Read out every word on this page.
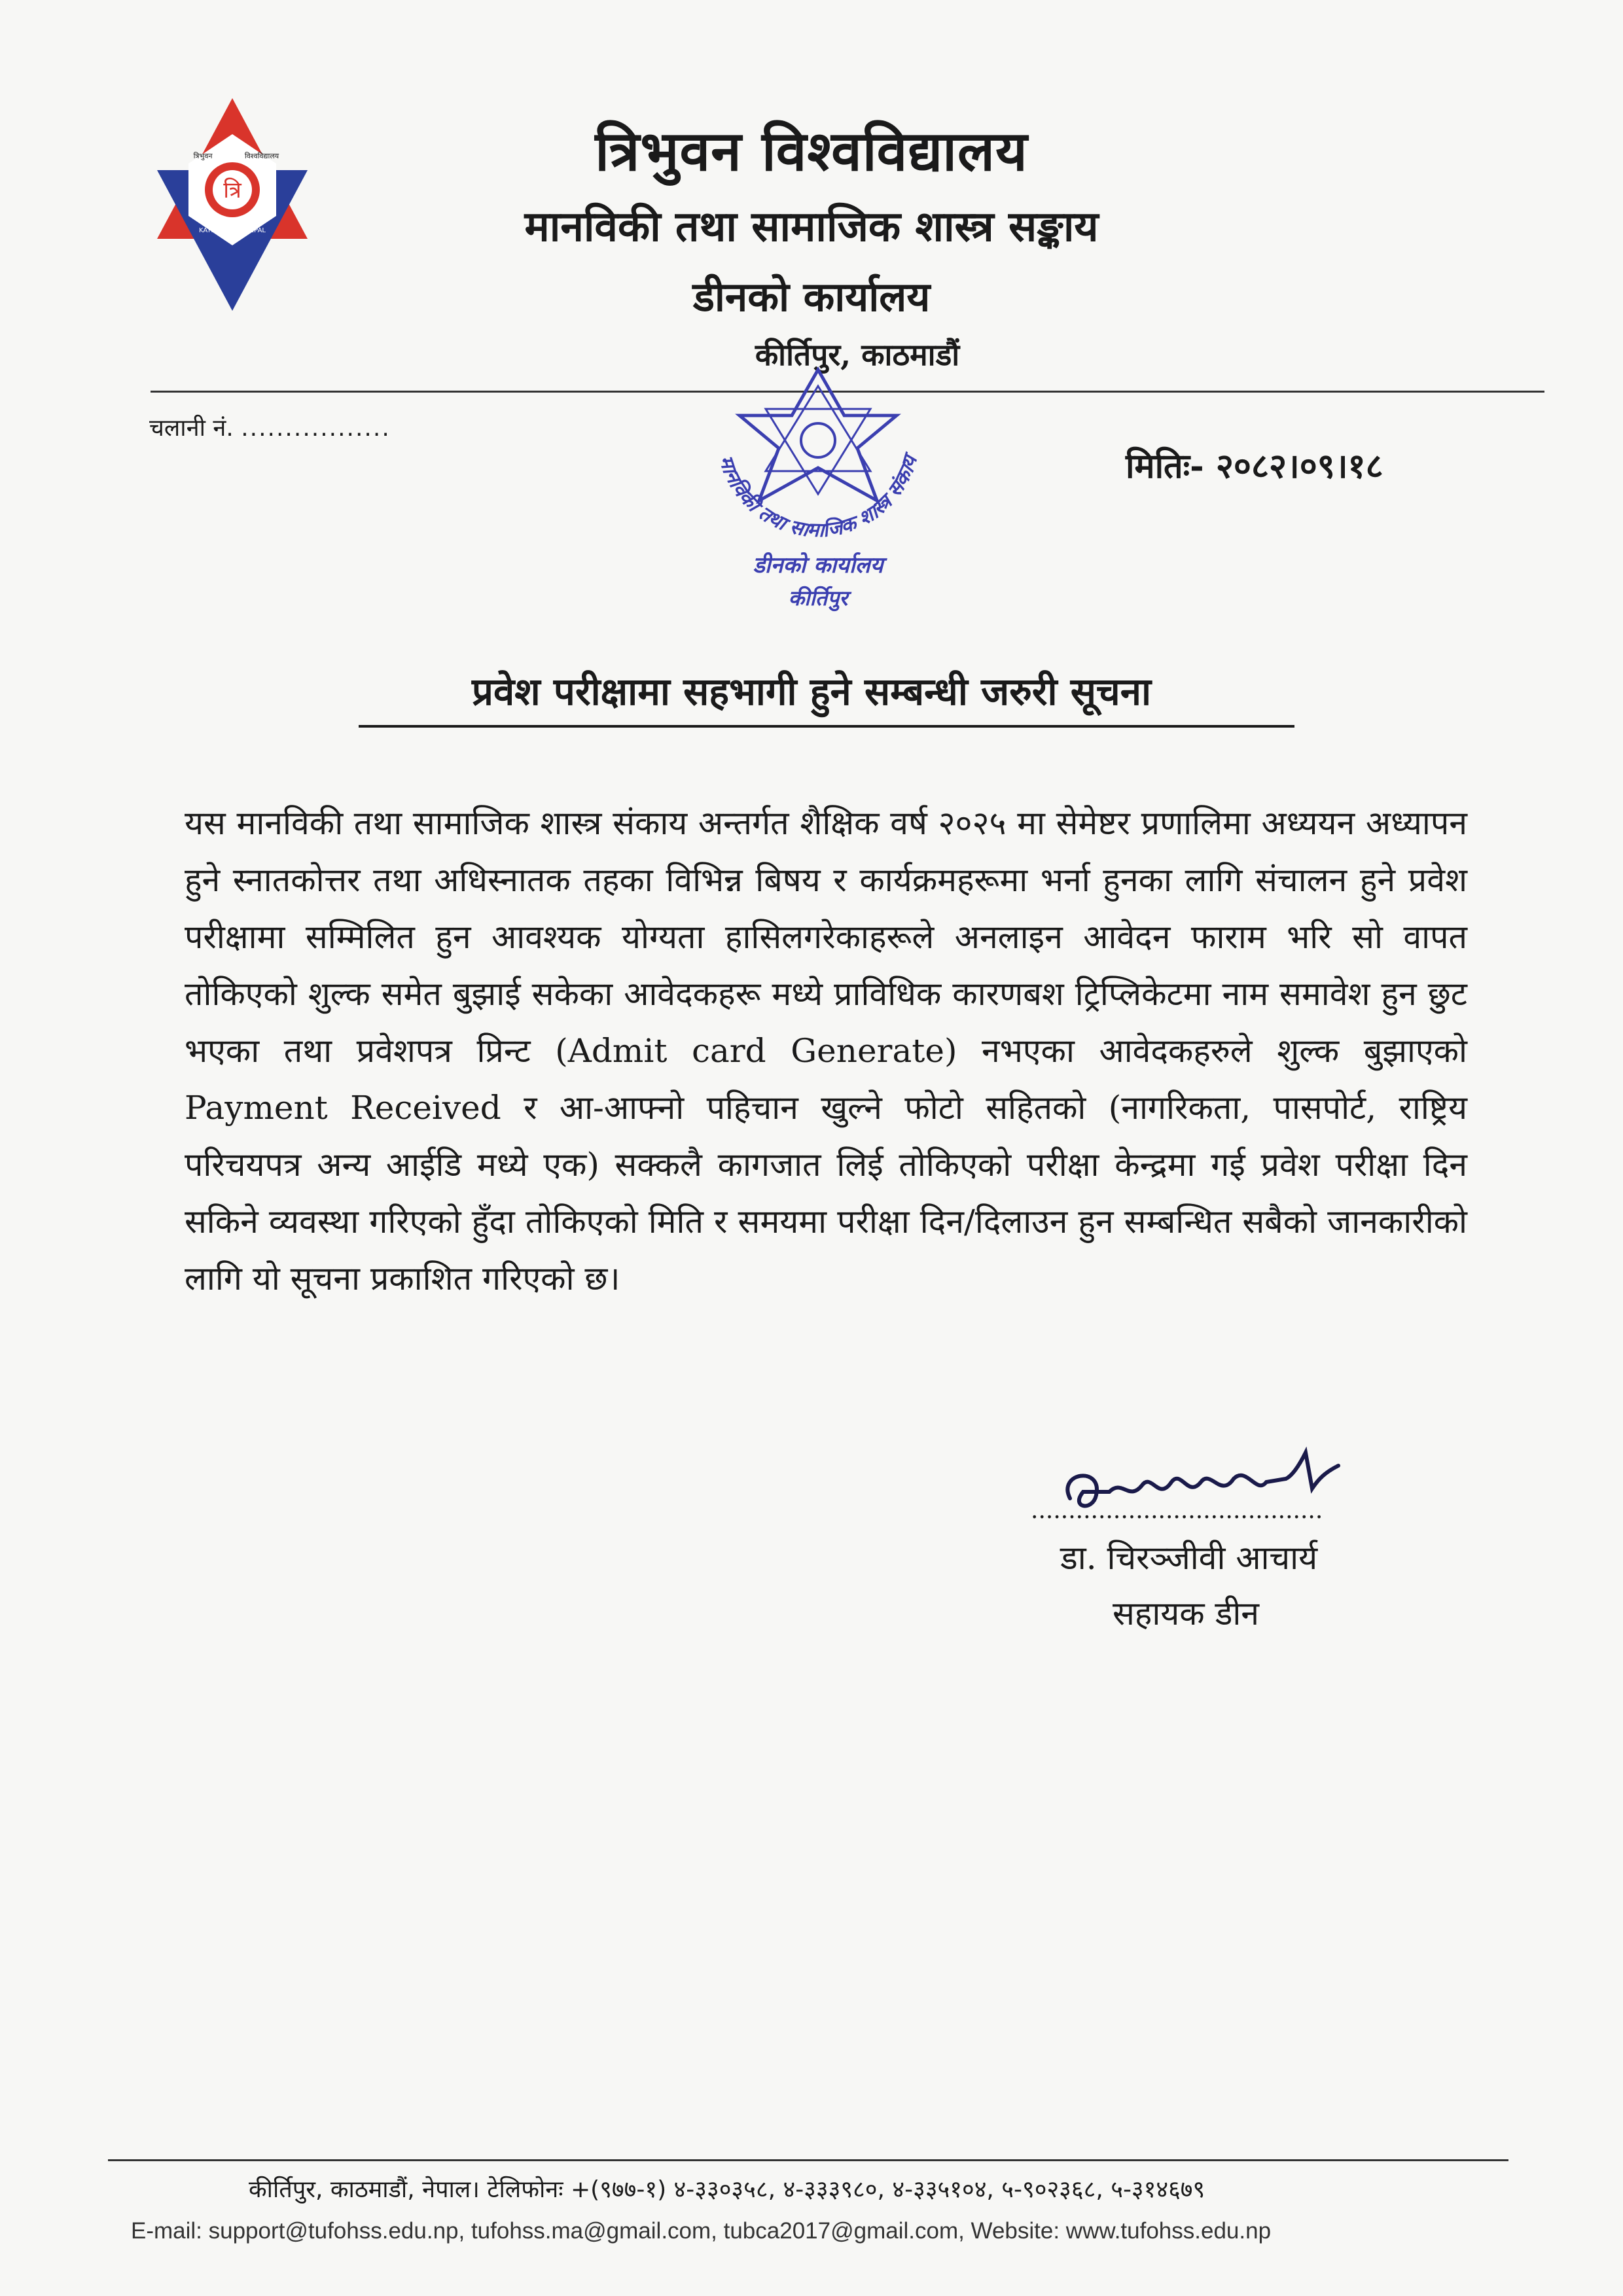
त्रि
त्रिभुवन	विश्वविद्यालय
KATHMANDU, NEPAL
त्रिभुवन विश्वविद्यालय
मानविकी तथा सामाजिक शास्त्र सङ्काय
डीनको कार्यालय
कीर्तिपुर, काठमाडौं
चलानी नं. .................
मितिः- २०८२।०९।१८
मानविकी तथा सामाजिक शास्त्र संकाय
डीनको कार्यालय
कीर्तिपुर
प्रवेश परीक्षामा सहभागी हुने सम्बन्धी जरुरी सूचना
यस मानविकी तथा सामाजिक शास्त्र संकाय अन्तर्गत शैक्षिक वर्ष २०२५ मा सेमेष्टर प्रणालिमा अध्ययन अध्यापन हुने स्नातकोत्तर तथा अधिस्नातक तहका विभिन्न बिषय र कार्यक्रमहरूमा भर्ना हुनका लागि संचालन हुने प्रवेश परीक्षामा सम्मिलित हुन आवश्यक योग्यता हासिलगरेकाहरूले अनलाइन आवेदन फाराम भरि सो वापत तोकिएको शुल्क समेत बुझाई सकेका आवेदकहरू मध्ये प्राविधिक कारणबश ट्रिप्लिकेटमा नाम समावेश हुन छुट भएका तथा प्रवेशपत्र प्रिन्ट (Admit card Generate) नभएका आवेदकहरुले शुल्क बुझाएको Payment Received र आ-आफ्नो पहिचान खुल्ने फोटो सहितको (नागरिकता, पासपोर्ट, राष्ट्रिय परिचयपत्र अन्य आईडि मध्ये एक) सक्कलै कागजात लिई तोकिएको परीक्षा केन्द्रमा गई प्रवेश परीक्षा दिन सकिने व्यवस्था गरिएको हुँदा तोकिएको मिति र समयमा परीक्षा दिन/दिलाउन हुन सम्बन्धित सबैको जानकारीको लागि यो सूचना प्रकाशित गरिएको छ।
.......................................
डा. चिरञ्जीवी आचार्य
सहायक डीन
कीर्तिपुर, काठमाडौं, नेपाल। टेलिफोनः +(९७७-१) ४-३३०३५८, ४-३३३९८०, ४-३३५१०४, ५-९०२३६८, ५-३१४६७९
E-mail: support@tufohss.edu.np, tufohss.ma@gmail.com, tubca2017@gmail.com, Website: www.tufohss.edu.np
